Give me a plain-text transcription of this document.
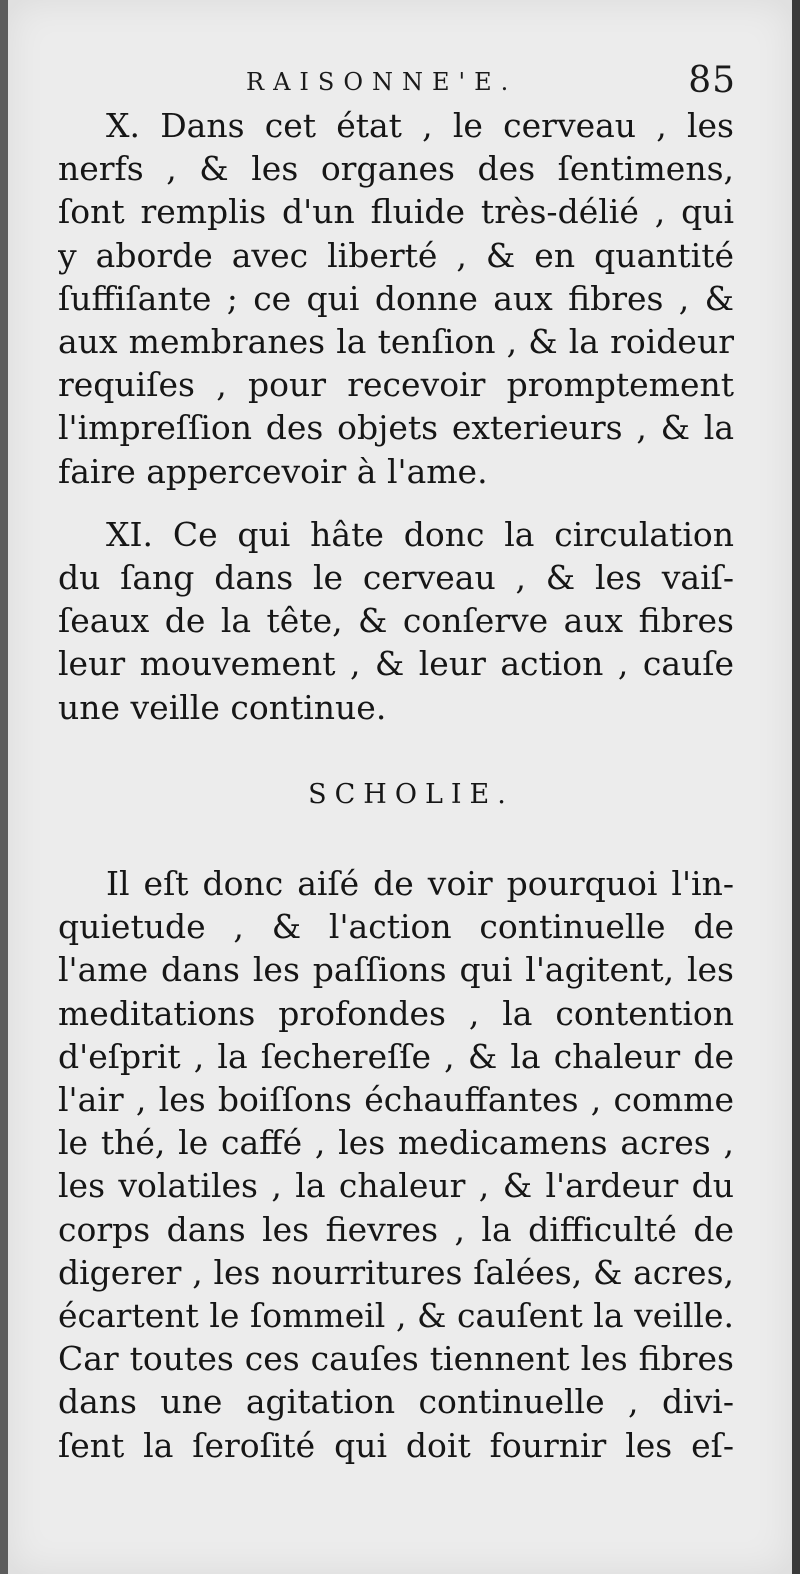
RAISONNE'E.	85
X. Dans cet état , le cerveau , les
nerfs , & les organes des ſentimens,
ſont remplis d'un fluide très-délié , qui
y aborde avec liberté , & en quantité
ſuffiſante ; ce qui donne aux fibres , &
aux membranes la tenſion , & la roideur
requiſes , pour recevoir promptement
l'impreſſion des objets exterieurs , & la
faire appercevoir à l'ame.
XI. Ce qui hâte donc la circulation
du ſang dans le cerveau , & les vaiſ-
ſeaux de la tête, & conſerve aux fibres
leur mouvement , & leur action , cauſe
une veille continue.
SCHOLIE.
Il eſt donc aiſé de voir pourquoi l'in-
quietude , & l'action continuelle de
l'ame dans les paſſions qui l'agitent, les
meditations profondes , la contention
d'eſprit , la ſechereſſe , & la chaleur de
l'air , les boiſſons échauffantes , comme
le thé, le caffé , les medicamens acres ,
les volatiles , la chaleur , & l'ardeur du
corps dans les fievres , la difficulté de
digerer , les nourritures ſalées, & acres,
écartent le ſommeil , & cauſent la veille.
Car toutes ces cauſes tiennent les fibres
dans une agitation continuelle , divi-
ſent la ſeroſité qui doit fournir les eſ-
